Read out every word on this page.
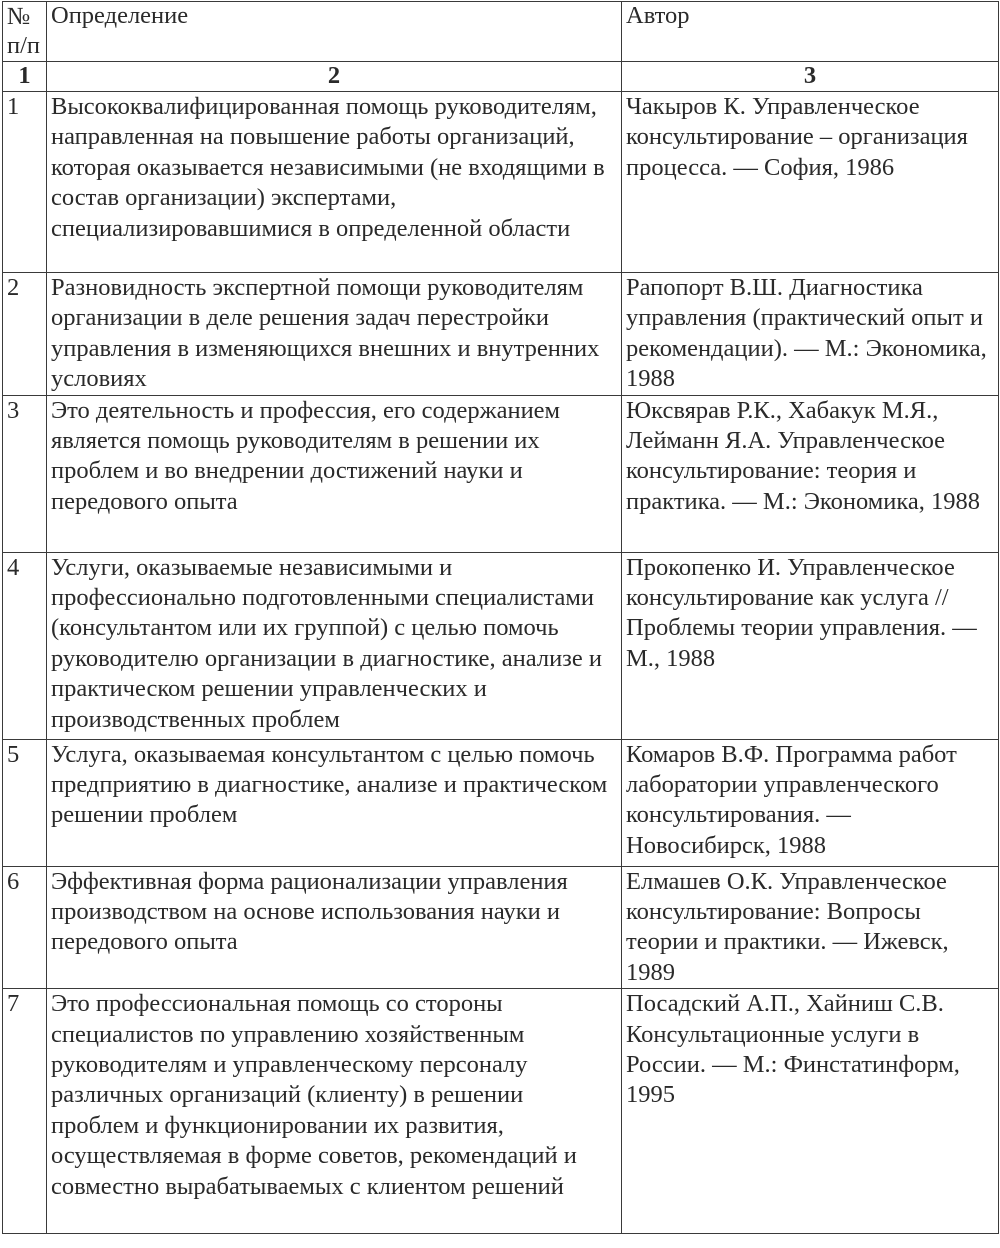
№ п/п	Определение	Автор
1	2	3
1	Высококвалифицированная помощь руководителям, направленная на повышение работы организаций, которая оказывается независимыми (не входящими в состав организации) экспертами, специализировавшимися в определенной области	Чакыров К. Управленческое консультирование – организация процесса. — София, 1986
2	Разновидность экспертной помощи руководителям организации в деле решения задач перестройки управления в изменяющихся внешних и внутренних условиях	Рапопорт В.Ш. Диагностика управления (практический опыт и рекомендации). — М.: Экономика, 1988
3	Это деятельность и профессия, его содержанием является помощь руководителям в решении их проблем и во внедрении достижений науки и передового опыта	Юксвярав Р.К., Хабакук М.Я., Лейманн Я.А. Управленческое консультирование: теория и практика. — М.: Экономика, 1988
4	Услуги, оказываемые независимыми и профессионально подготовленными специалистами (консультантом или их группой) с целью помочь руководителю организации в диагностике, анализе и практическом решении управленческих и производственных проблем	Прокопенко И. Управленческое консультирование как услуга // Проблемы теории управления. — М., 1988
5	Услуга, оказываемая консультантом с целью помочь предприятию в диагностике, анализе и практическом решении проблем	Комаров В.Ф. Программа работ лаборатории управленческого консультирования. — Новосибирск, 1988
6	Эффективная форма рационализации управления производством на основе использования науки и передового опыта	Елмашев О.К. Управленческое консультирование: Вопросы теории и практики. — Ижевск, 1989
7	Это профессиональная помощь со стороны специалистов по управлению хозяйственным руководителям и управленческому персоналу различных организаций (клиенту) в решении проблем и функционировании их развития, осуществляемая в форме советов, рекомендаций и совместно вырабатываемых с клиентом решений	Посадский А.П., Хайниш С.В. Консультационные услуги в России. — М.: Финстатинформ, 1995
